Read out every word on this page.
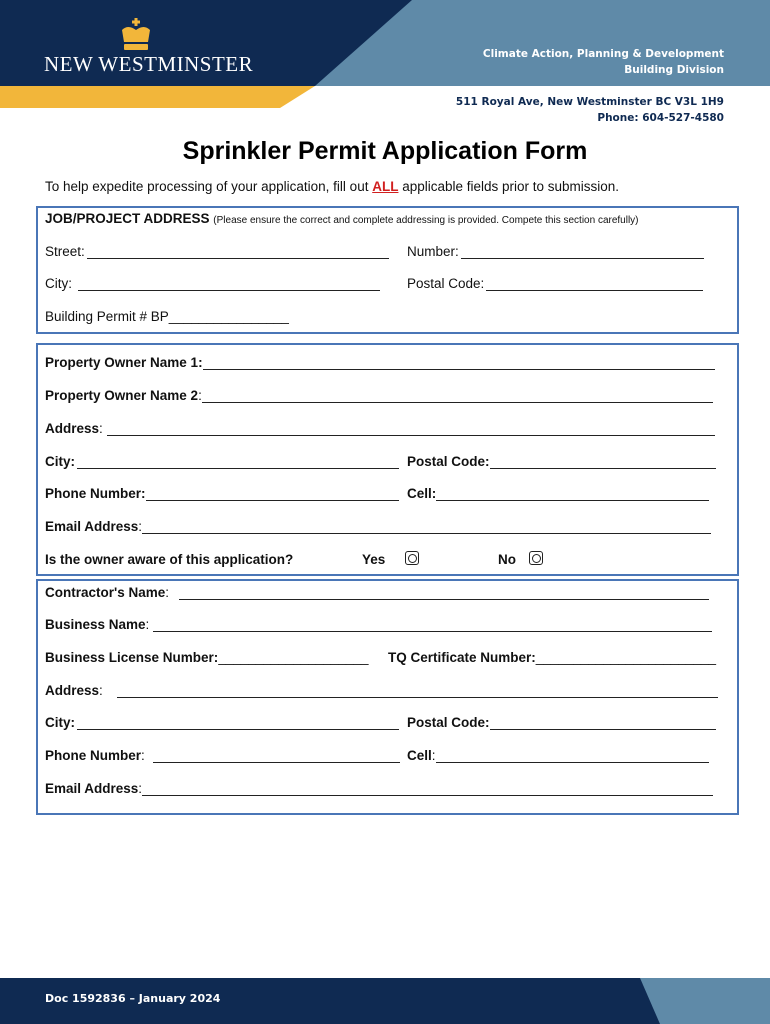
NEW WESTMINSTER	Climate Action, Planning & Development
Building Division
511 Royal Ave, New Westminster BC V3L 1H9
Phone: 604-527-4580
Sprinkler Permit Application Form
To help expedite processing of your application, fill out ALL applicable fields prior to submission.
JOB/PROJECT ADDRESS
(Please ensure the correct and complete addressing is provided. Compete this section carefully)
Street:	Number:
City:	Postal Code:
Building Permit # BP________________
Property Owner Name 1 :
Property Owner Name 2 :
Address :
City:	Postal Code:
Phone Number:	Cell:
Email Address :
Is the owner aware of this application?	Yes	No
Contractor's Name :
Business Name :
Business License Number: ____________________ TQ Certificate Number: ________________________
Address :
City:	Postal Code:
Phone Number :	Cell :
Email Address :
Doc 1592836 – January 2024
